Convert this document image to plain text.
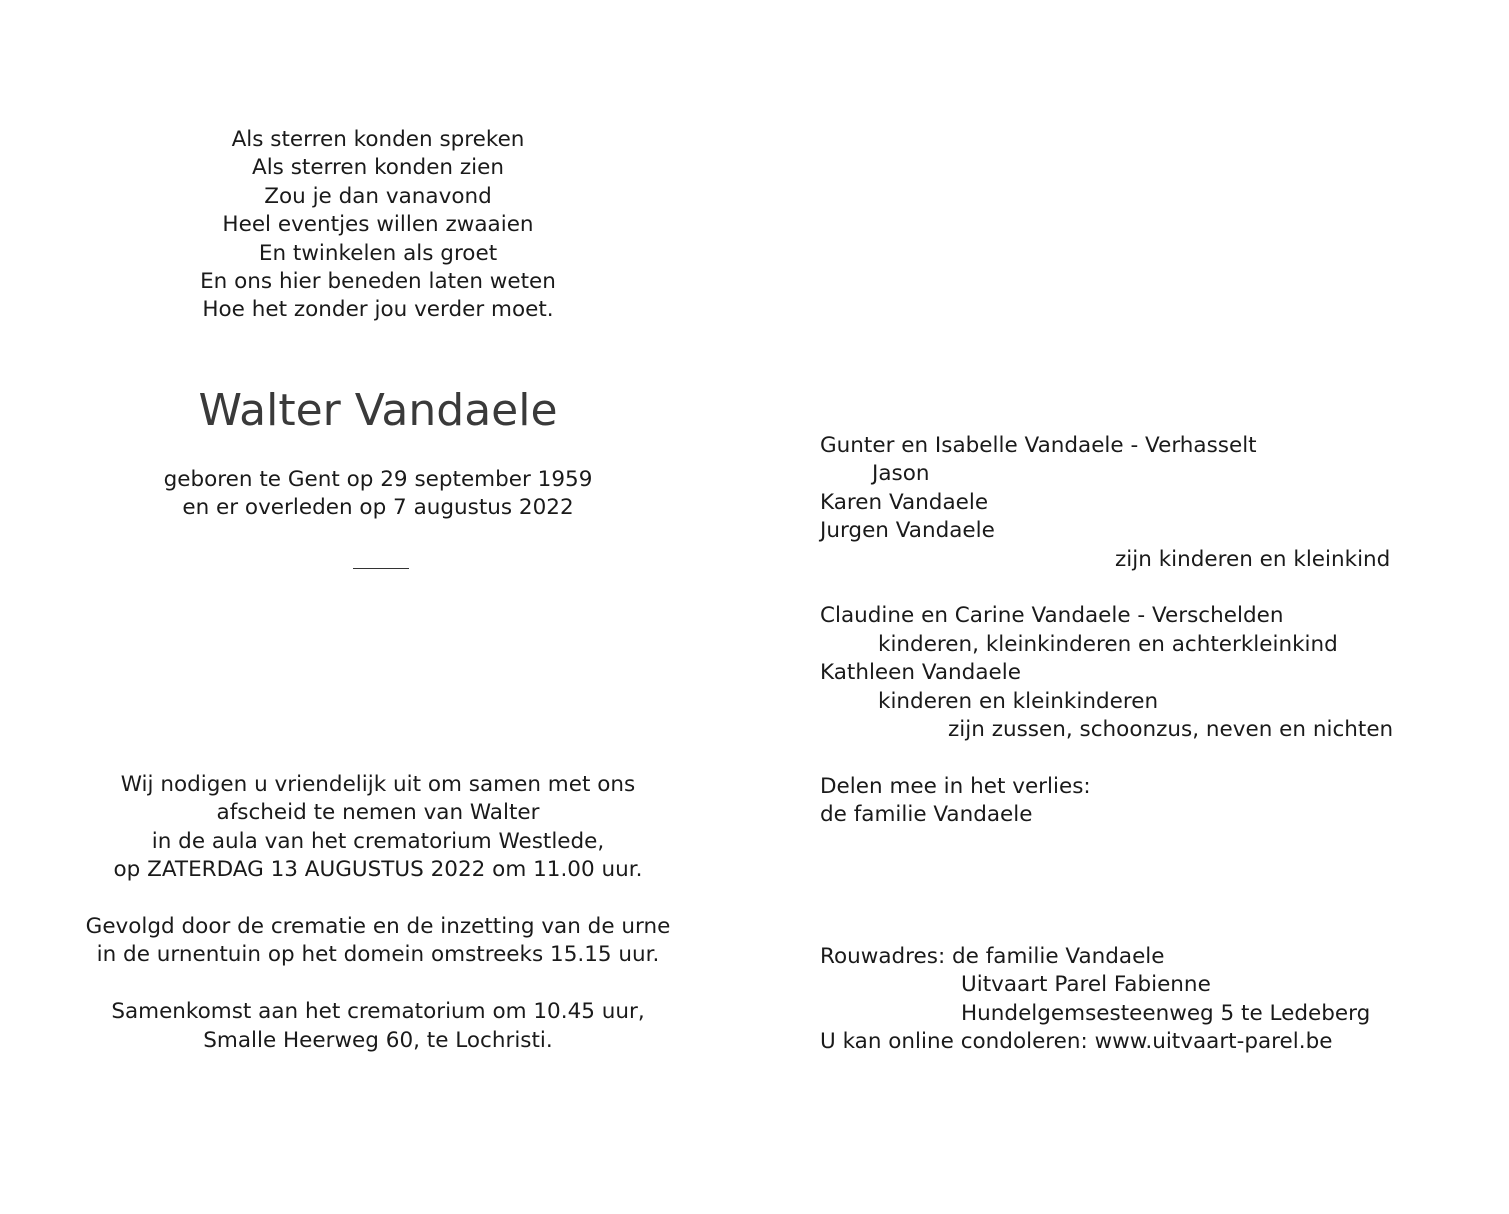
Als sterren konden spreken
Als sterren konden zien
Zou je dan vanavond
Heel eventjes willen zwaaien
En twinkelen als groet
En ons hier beneden laten weten
Hoe het zonder jou verder moet.
Walter Vandaele
geboren te Gent op 29 september 1959
en er overleden op 7 augustus 2022
Wij nodigen u vriendelijk uit om samen met ons
afscheid te nemen van Walter
in de aula van het crematorium Westlede,
op ZATERDAG 13 AUGUSTUS 2022 om 11.00 uur.
Gevolgd door de crematie en de inzetting van de urne
in de urnentuin op het domein omstreeks 15.15 uur.
Samenkomst aan het crematorium om 10.45 uur,
Smalle Heerweg 60, te Lochristi.
Gunter en Isabelle Vandaele - Verhasselt
Jason
Karen Vandaele
Jurgen Vandaele
zijn kinderen en kleinkind
Claudine en Carine Vandaele - Verschelden
kinderen, kleinkinderen en achterkleinkind
Kathleen Vandaele
kinderen en kleinkinderen
zijn zussen, schoonzus, neven en nichten
Delen mee in het verlies:
de familie Vandaele
Rouwadres: de familie Vandaele
Uitvaart Parel Fabienne
Hundelgemsesteenweg 5 te Ledeberg
U kan online condoleren: www.uitvaart-parel.be
